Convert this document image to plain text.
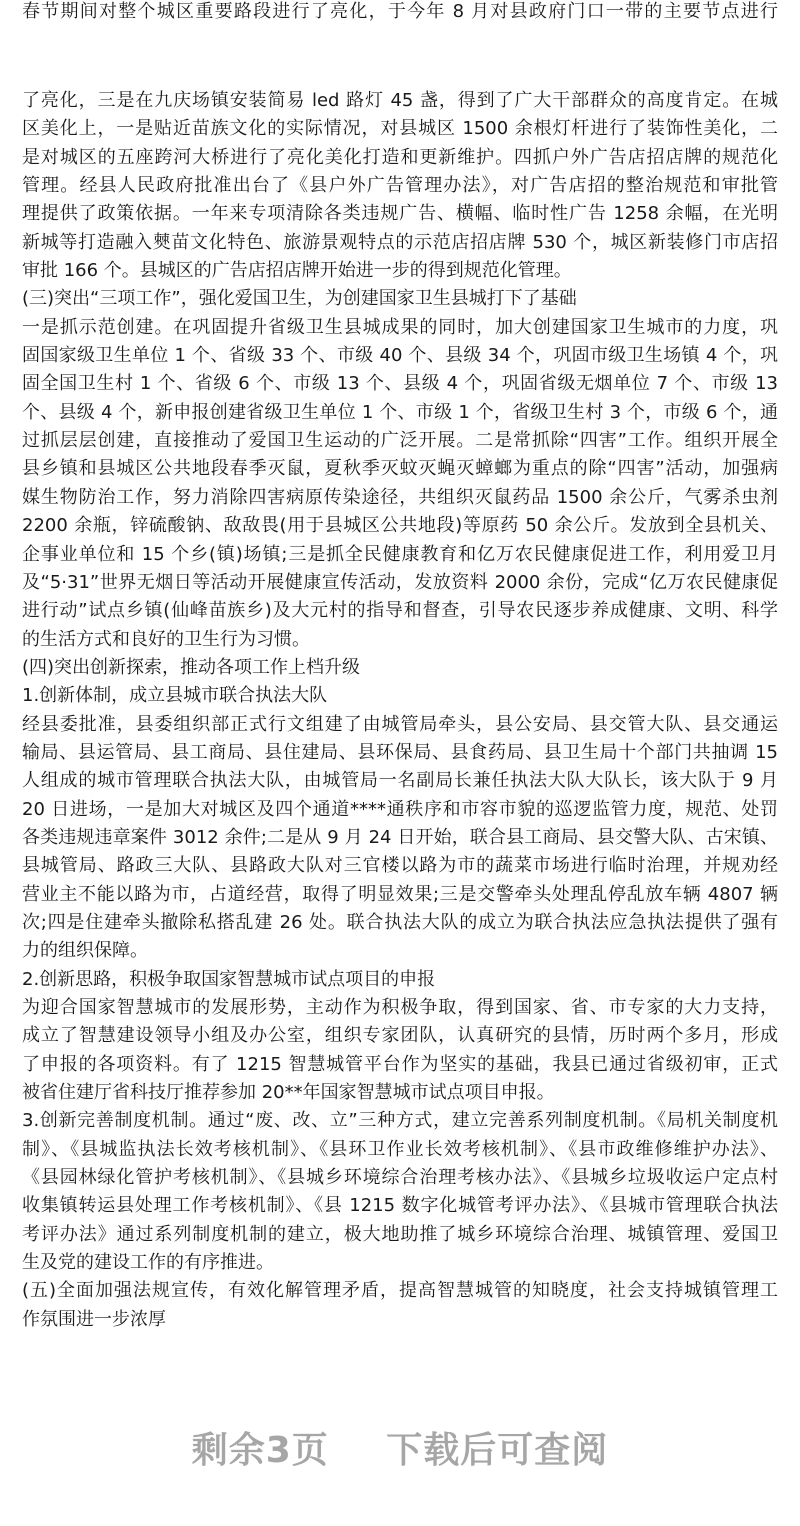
春节期间对整个城区重要路段进行了亮化，于今年 8 月对县政府门口一带的主要节点进行
了亮化，三是在九庆场镇安装简易 led 路灯 45 盏，得到了广大干部群众的高度肯定。在城
区美化上，一是贴近苗族文化的实际情况，对县城区 1500 余根灯杆进行了装饰性美化，二
是对城区的五座跨河大桥进行了亮化美化打造和更新维护。四抓户外广告店招店牌的规范化
管理。经县人民政府批准出台了《县户外广告管理办法》，对广告店招的整治规范和审批管
理提供了政策依据。一年来专项清除各类违规广告、横幅、临时性广告 1258 余幅，在光明
新城等打造融入僰苗文化特色、旅游景观特点的示范店招店牌 530 个，城区新装修门市店招
审批 166 个。县城区的广告店招店牌开始进一步的得到规范化管理。
(三)突出“三项工作”，强化爱国卫生，为创建国家卫生县城打下了基础
一是抓示范创建。在巩固提升省级卫生县城成果的同时，加大创建国家卫生城市的力度，巩
固国家级卫生单位 1 个、省级 33 个、市级 40 个、县级 34 个，巩固市级卫生场镇 4 个，巩
固全国卫生村 1 个、省级 6 个、市级 13 个、县级 4 个，巩固省级无烟单位 7 个、市级 13
个、县级 4 个，新申报创建省级卫生单位 1 个、市级 1 个，省级卫生村 3 个，市级 6 个，通
过抓层层创建，直接推动了爱国卫生运动的广泛开展。二是常抓除“四害”工作。组织开展全
县乡镇和县城区公共地段春季灭鼠，夏秋季灭蚊灭蝇灭蟑螂为重点的除“四害”活动，加强病
媒生物防治工作，努力消除四害病原传染途径，共组织灭鼠药品 1500 余公斤，气雾杀虫剂
2200 余瓶，锌硫酸钠、敌敌畏(用于县城区公共地段)等原药 50 余公斤。发放到全县机关、
企事业单位和 15 个乡(镇)场镇;三是抓全民健康教育和亿万农民健康促进工作，利用爱卫月
及“5·31”世界无烟日等活动开展健康宣传活动，发放资料 2000 余份，完成“亿万农民健康促
进行动”试点乡镇(仙峰苗族乡)及大元村的指导和督查，引导农民逐步养成健康、文明、科学
的生活方式和良好的卫生行为习惯。
(四)突出创新探索，推动各项工作上档升级
1.创新体制，成立县城市联合执法大队
经县委批准，县委组织部正式行文组建了由城管局牵头，县公安局、县交管大队、县交通运
输局、县运管局、县工商局、县住建局、县环保局、县食药局、县卫生局十个部门共抽调 15
人组成的城市管理联合执法大队，由城管局一名副局长兼任执法大队大队长，该大队于 9 月
20 日进场，一是加大对城区及四个通道****通秩序和市容市貌的巡逻监管力度，规范、处罚
各类违规违章案件 3012 余件;二是从 9 月 24 日开始，联合县工商局、县交警大队、古宋镇、
县城管局、路政三大队、县路政大队对三官楼以路为市的蔬菜市场进行临时治理，并规劝经
营业主不能以路为市，占道经营，取得了明显效果;三是交警牵头处理乱停乱放车辆 4807 辆
次;四是住建牵头撤除私搭乱建 26 处。联合执法大队的成立为联合执法应急执法提供了强有
力的组织保障。
2.创新思路，积极争取国家智慧城市试点项目的申报
为迎合国家智慧城市的发展形势，主动作为积极争取，得到国家、省、市专家的大力支持，
成立了智慧建设领导小组及办公室，组织专家团队，认真研究的县情，历时两个多月，形成
了申报的各项资料。有了 1215 智慧城管平台作为坚实的基础，我县已通过省级初审，正式
被省住建厅省科技厅推荐参加 20**年国家智慧城市试点项目申报。
3.创新完善制度机制。通过“废、改、立”三种方式，建立完善系列制度机制。《局机关制度机
制》、《县城监执法长效考核机制》、《县环卫作业长效考核机制》、《县市政维修维护办法》、
《县园林绿化管护考核机制》、《县城乡环境综合治理考核办法》、《县城乡垃圾收运户定点村
收集镇转运县处理工作考核机制》、《县 1215 数字化城管考评办法》、《县城市管理联合执法
考评办法》通过系列制度机制的建立，极大地助推了城乡环境综合治理、城镇管理、爱国卫
生及党的建设工作的有序推进。
(五)全面加强法规宣传，有效化解管理矛盾，提高智慧城管的知晓度，社会支持城镇管理工
作氛围进一步浓厚
剩余3页 下载后可查阅
